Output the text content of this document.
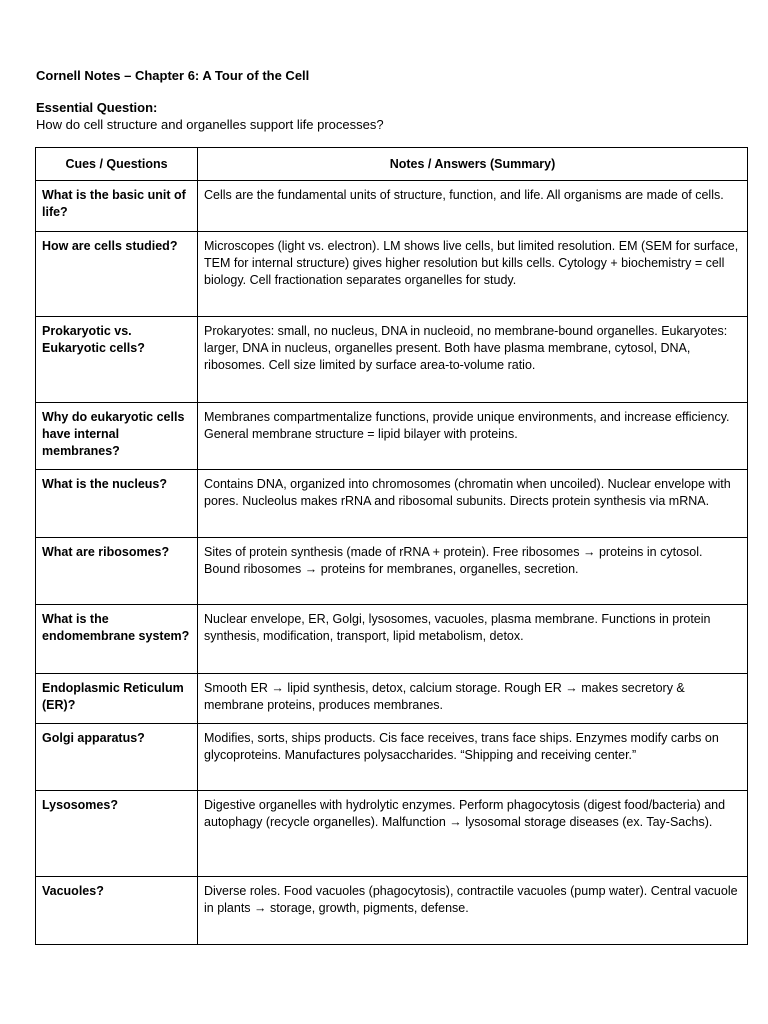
Cornell Notes – Chapter 6: A Tour of the Cell
Essential Question:
How do cell structure and organelles support life processes?
Cues / Questions	Notes / Answers (Summary)
What is the basic unit of life?	Cells are the fundamental units of structure, function, and life. All organisms are made of cells.
How are cells studied?	Microscopes (light vs. electron). LM shows live cells, but limited resolution. EM (SEM for surface, TEM for internal structure) gives higher resolution but kills cells. Cytology + biochemistry = cell biology. Cell fractionation separates organelles for study.
Prokaryotic vs. Eukaryotic cells?	Prokaryotes: small, no nucleus, DNA in nucleoid, no membrane-bound organelles. Eukaryotes: larger, DNA in nucleus, organelles present. Both have plasma membrane, cytosol, DNA, ribosomes. Cell size limited by surface area-to-volume ratio.
Why do eukaryotic cells have internal membranes?	Membranes compartmentalize functions, provide unique environments, and increase efficiency. General membrane structure = lipid bilayer with proteins.
What is the nucleus?	Contains DNA, organized into chromosomes (chromatin when uncoiled). Nuclear envelope with pores. Nucleolus makes rRNA and ribosomal subunits. Directs protein synthesis via mRNA.
What are ribosomes?	Sites of protein synthesis (made of rRNA + protein). Free ribosomes → proteins in cytosol. Bound ribosomes → proteins for membranes, organelles, secretion.
What is the endomembrane system?	Nuclear envelope, ER, Golgi, lysosomes, vacuoles, plasma membrane. Functions in protein synthesis, modification, transport, lipid metabolism, detox.
Endoplasmic Reticulum (ER)?	Smooth ER → lipid synthesis, detox, calcium storage. Rough ER → makes secretory & membrane proteins, produces membranes.
Golgi apparatus?	Modifies, sorts, ships products. Cis face receives, trans face ships. Enzymes modify carbs on glycoproteins. Manufactures polysaccharides. “Shipping and receiving center.”
Lysosomes?	Digestive organelles with hydrolytic enzymes. Perform phagocytosis (digest food/bacteria) and autophagy (recycle organelles). Malfunction → lysosomal storage diseases (ex. Tay-Sachs).
Vacuoles?	Diverse roles. Food vacuoles (phagocytosis), contractile vacuoles (pump water). Central vacuole in plants → storage, growth, pigments, defense.
